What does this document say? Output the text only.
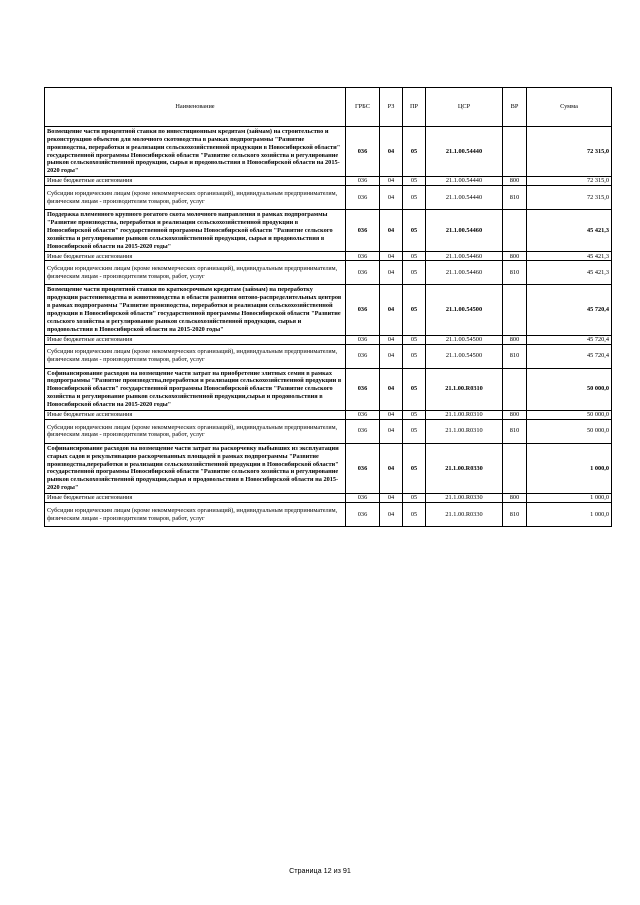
Наименование	ГРБС	РЗ	ПР	ЦСР	ВР	Сумма
Возмещение части процентной ставки по инвестиционным кредитам (займам) на строительство и реконструкцию объектов для молочного скотоводства в рамках подпрограммы "Развитие производства, переработки и реализации сельскохозяйственной продукции в Новосибирской области" государственной программы Новосибирской области "Развитие сельского хозяйства и регулирование рынков сельскохозяйственной продукции, сырья и продовольствия в Новосибирской области на 2015-2020 годы"	036	04	05	21.1.00.54440		72 315,0
Иные бюджетные ассигнования	036	04	05	21.1.00.54440	800	72 315,0
Субсидии юридическим лицам (кроме некоммерческих организаций), индивидуальным предпринимателям, физическим лицам - производителям товаров, работ, услуг	036	04	05	21.1.00.54440	810	72 315,0
Поддержка племенного крупного рогатого скота молочного направления в рамках подпрограммы "Развитие производства, переработки и реализации сельскохозяйственной продукции в Новосибирской области" государственной программы Новосибирской области "Развитие сельского хозяйства и регулирование рынков сельскохозяйственной продукции, сырья и продовольствия в Новосибирской области на 2015-2020 годы"	036	04	05	21.1.00.54460		45 421,3
Иные бюджетные ассигнования	036	04	05	21.1.00.54460	800	45 421,3
Субсидии юридическим лицам (кроме некоммерческих организаций), индивидуальным предпринимателям, физическим лицам - производителям товаров, работ, услуг	036	04	05	21.1.00.54460	810	45 421,3
Возмещение части процентной ставки по краткосрочным кредитам (займам) на переработку продукции растениеводства и животноводства в области развития оптово-распределительных центров в рамках подпрограммы "Развитие производства, переработки и реализации сельскохозяйственной продукции в Новосибирской области" государственной программы Новосибирской области "Развитие сельского хозяйства и регулирование рынков сельскохозяйственной продукции, сырья и продовольствия в Новосибирской области на 2015-2020 годы"	036	04	05	21.1.00.54500		45 720,4
Иные бюджетные ассигнования	036	04	05	21.1.00.54500	800	45 720,4
Субсидии юридическим лицам (кроме некоммерческих организаций), индивидуальным предпринимателям, физическим лицам - производителям товаров, работ, услуг	036	04	05	21.1.00.54500	810	45 720,4
Софинансирование расходов на возмещение части затрат на приобретение элитных семян в рамках подпрограммы "Развитие производства,переработки и реализации сельскохозяйственной продукции в Новосибирской области" государственной программы Новосибирской области "Развитие сельского хозяйства и регулирование рынков сельскохозяйственной продукции,сырья и продовольствия в Новосибирской области на 2015-2020 годы"	036	04	05	21.1.00.R0310		50 000,0
Иные бюджетные ассигнования	036	04	05	21.1.00.R0310	800	50 000,0
Субсидии юридическим лицам (кроме некоммерческих организаций), индивидуальным предпринимателям, физическим лицам - производителям товаров, работ, услуг	036	04	05	21.1.00.R0310	810	50 000,0
Софинансирование расходов на возмещение части затрат на раскорчевку выбывших из эксплуатации старых садов и рекультивацию раскорчеванных площадей в рамках подпрограммы "Развитие производства,переработки и реализации сельскохозяйственной продукции в Новосибирской области" государственной программы Новосибирской области "Развитие сельского хозяйства и регулирование рынков сельскохозяйственной продукции,сырья и продовольствия в Новосибирской области на 2015-2020 годы"	036	04	05	21.1.00.R0330		1 000,0
Иные бюджетные ассигнования	036	04	05	21.1.00.R0330	800	1 000,0
Субсидии юридическим лицам (кроме некоммерческих организаций), индивидуальным предпринимателям, физическим лицам - производителям товаров, работ, услуг	036	04	05	21.1.00.R0330	810	1 000,0
Страница 12 из 91
